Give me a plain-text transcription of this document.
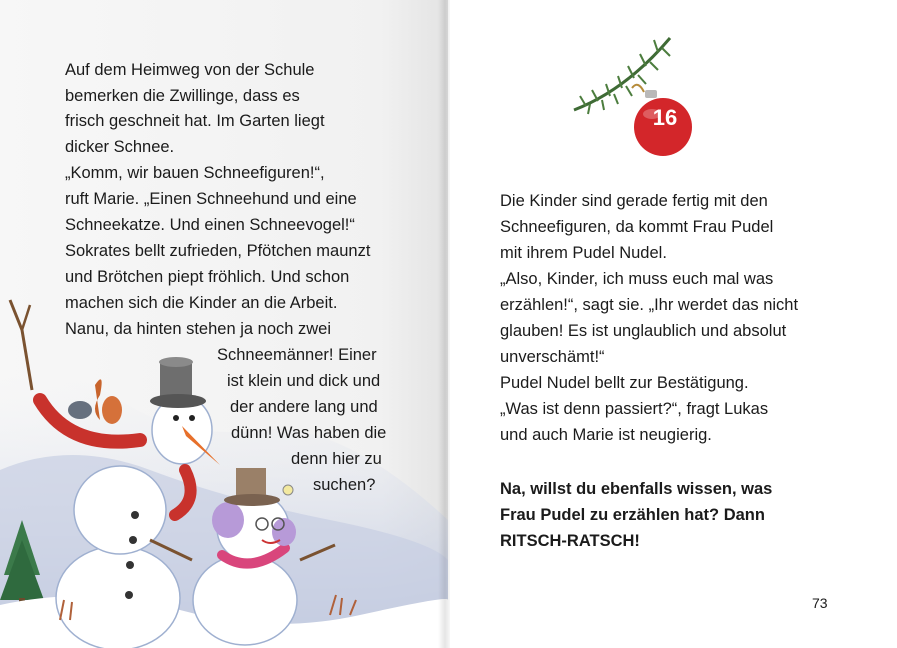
Auf dem Heimweg von der Schule
bemerken die Zwillinge, dass es
frisch geschneit hat. Im Garten liegt
dicker Schnee.
„Komm, wir bauen Schneefiguren!“,
ruft Marie. „Einen Schneehund und eine
Schneekatze. Und einen Schneevogel!“
Sokrates bellt zufrieden, Pfötchen maunzt
und Brötchen piept fröhlich. Und schon
machen sich die Kinder an die Arbeit.
Nanu, da hinten stehen ja noch zwei
Schneemänner! Einer
ist klein und dick und
der andere lang und
dünn! Was haben die
denn hier zu
suchen?
16
Die Kinder sind gerade fertig mit den
Schneefiguren, da kommt Frau Pudel
mit ihrem Pudel Nudel.
„Also, Kinder, ich muss euch mal was
erzählen!“, sagt sie. „Ihr werdet das nicht
glauben! Es ist unglaublich und absolut
unverschämt!“
Pudel Nudel bellt zur Bestätigung.
„Was ist denn passiert?“, fragt Lukas
und auch Marie ist neugierig.
Na, willst du ebenfalls wissen, was
Frau Pudel zu erzählen hat? Dann
RITSCH-RATSCH!
73
